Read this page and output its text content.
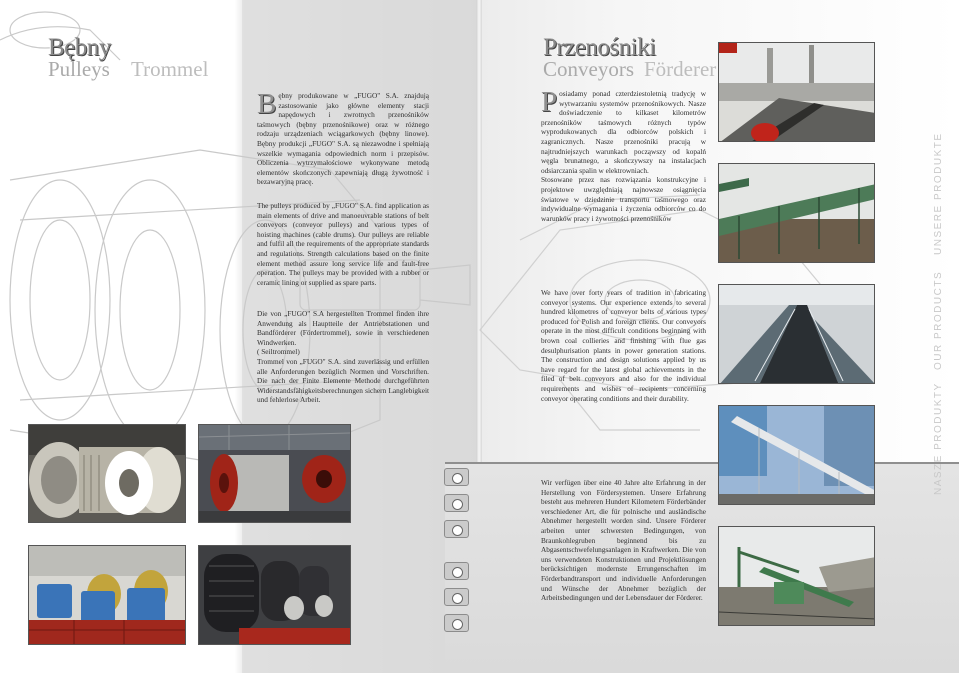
Bębny
Pulleys Trommel
Bębny produkowane w „FUGO" S.A. znajdują zastosowanie jako główne elementy stacji napędowych i zwrotnych przenośników taśmowych (bębny przenośnikowe) oraz w różnego rodzaju urządzeniach wciągarkowych (bębny linowe). Bębny produkcji „FUGO" S.A. są niezawodne i spełniają wszelkie wymagania odpowiednich norm i przepisów. Obliczenia wytrzymałościowe wykonywane metodą elementów skończonych zapewniają długą żywotność i bezawaryjną pracę.
The pulleys produced by „FUGO" S.A. find application as main elements of drive and manoeuvrable stations of belt conveyors (conveyor pulleys) and various types of hoisting machines (cable drums). Our pulleys are reliable and fulfil all the requirements of the appropriate standards and regulations. Strength calculations based on the finite element method assure long service life and fault-free operation. The pulleys may be provided with a rubber or ceramic lining or supplied as spare parts.
Die von „FUGO" S.A hergestellten Trommel finden ihre Anwendung als Hauptteile der Antriebstationen und Bandförderer (Fördertrommel), sowie in verschiedenen Windwerken.
( Seiltrommel)
Trommel von „FUGO" S.A. sind zuverlässig und erfüllen alle Anforderungen bezüglich Normen und Vorschriften. Die nach der Finite Elemente Methode durchgeführten Widerstandsfähigkeitsberechnungen sichern Langlebigkeit und fehlerlose Arbeit.
Przenośniki
Conveyors Förderer
Posiadamy ponad czterdziestoletnią tradycję w wytwarzaniu systemów przenośnikowych. Nasze doświadczenie to kilkaset kilometrów przenośników taśmowych różnych typów wyprodukowanych dla odbiorców polskich i zagranicznych. Nasze przenośniki pracują w najtrudniejszych warunkach począwszy od kopalń węgla brunatnego, a skończywszy na instalacjach odsiarczania spalin w elektrowniach.
Stosowane przez nas rozwiązania konstrukcyjne i projektowe uwzględniają najnowsze osiągnięcia światowe w dziedzinie transportu taśmowego oraz indywidualne wymagania i życzenia odbiorców co do warunków pracy i żywotności przenośników
We have over forty years of tradition in fabricating conveyor systems. Our experience extends to several hundred kilometres of conveyor belts of various types produced for Polish and foreign clients. Our conveyors operate in the most difficult conditions beginning with brown coal collieries and finishing with flue gas desulphurisation plants in power generation stations. The construction and design solutions applied by us have regard for the latest global achievements in the filed of belt conveyors and also for the individual requirements and wishes of recipients concerning conveyor operating conditions and their durability.
Wir verfügen über eine 40 Jahre alte Erfahrung in der Herstellung von Fördersystemen. Unsere Erfahrung besteht aus mehreren Hundert Kilometern Förderbänder verschiedener Art, die für polnische und ausländische Abnehmer hergestellt worden sind. Unsere Förderer arbeiten unter schwersten Bedingungen, von Braunkohlegruben beginnend bis zu Abgasentschwefelungsanlagen in Kraftwerken. Die von uns verwendeten Konstruktionen und Projektlösungen berücksichtigen modernste Errungenschaften im Förderbandtransport und individuelle Anforderungen und Wünsche der Abnehmer bezüglich der Arbeitsbedingungen und der Lebensdauer der Förderer.
NASZE PRODUKTY
OUR PRODUCTS
UNSERE PRODUKTE
